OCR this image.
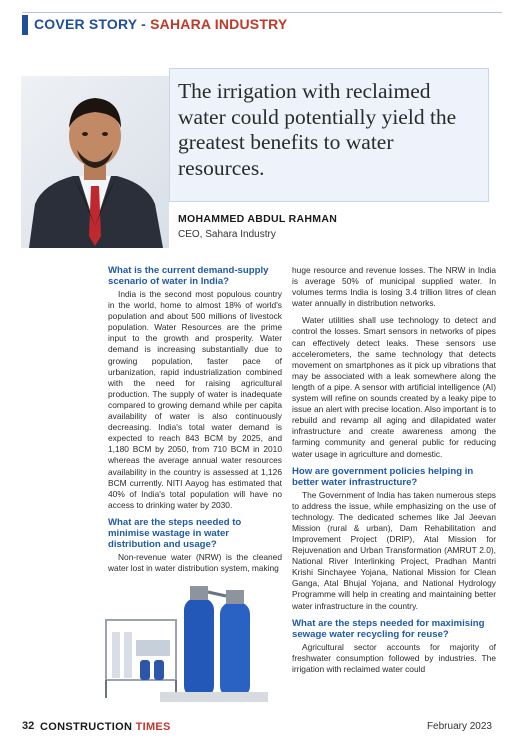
COVER STORY - SAHARA INDUSTRY
The irrigation with reclaimed water could potentially yield the greatest benefits to water resources.
MOHAMMED ABDUL RAHMAN
CEO, Sahara Industry
What is the current demand-supply scenario of water in India?
India is the second most populous country in the world, home to almost 18% of world's population and about 500 millions of livestock population. Water Resources are the prime input to the growth and prosperity. Water demand is increasing substantially due to growing population, faster pace of urbanization, rapid industrialization combined with the need for raising agricultural production. The supply of water is inadequate compared to growing demand while per capita availability of water is also continuously decreasing. India's total water demand is expected to reach 843 BCM by 2025, and 1,180 BCM by 2050, from 710 BCM in 2010 whereas the average annual water resources availability in the country is assessed at 1,126 BCM currently. NITI Aayog has estimated that 40% of India's total population will have no access to drinking water by 2030.
What are the steps needed to minimise wastage in water distribution and usage?
Non-revenue water (NRW) is the cleaned water lost in water distribution system, making
huge resource and revenue losses. The NRW in India is average 50% of municipal supplied water. In volumes terms India is losing 3.4 trillion litres of clean water annually in distribution networks.
Water utilities shall use technology to detect and control the losses. Smart sensors in networks of pipes can effectively detect leaks. These sensors use accelerometers, the same technology that detects movement on smartphones as it pick up vibrations that may be associated with a leak somewhere along the length of a pipe. A sensor with artificial intelligence (AI) system will refine on sounds created by a leaky pipe to issue an alert with precise location. Also important is to rebuild and revamp all aging and dilapidated water infrastructure and create awareness among the farming community and general public for reducing water usage in agriculture and domestic.
How are government policies helping in better water infrastructure?
The Government of India has taken numerous steps to address the issue, while emphasizing on the use of technology. The dedicated schemes like Jal Jeevan Mission (rural & urban), Dam Rehabilitation and Improvement Project (DRIP), Atal Mission for Rejuvenation and Urban Transformation (AMRUT 2.0), National River Interlinking Project, Pradhan Mantri Krishi Sinchayee Yojana, National Mission for Clean Ganga, Atal Bhujal Yojana, and National Hydrology Programme will help in creating and maintaining better water infrastructure in the country.
What are the steps needed for maximising sewage water recycling for reuse?
Agricultural sector accounts for majority of freshwater consumption followed by industries. The irrigation with reclaimed water could
32 CONSTRUCTION TIMES	February 2023
